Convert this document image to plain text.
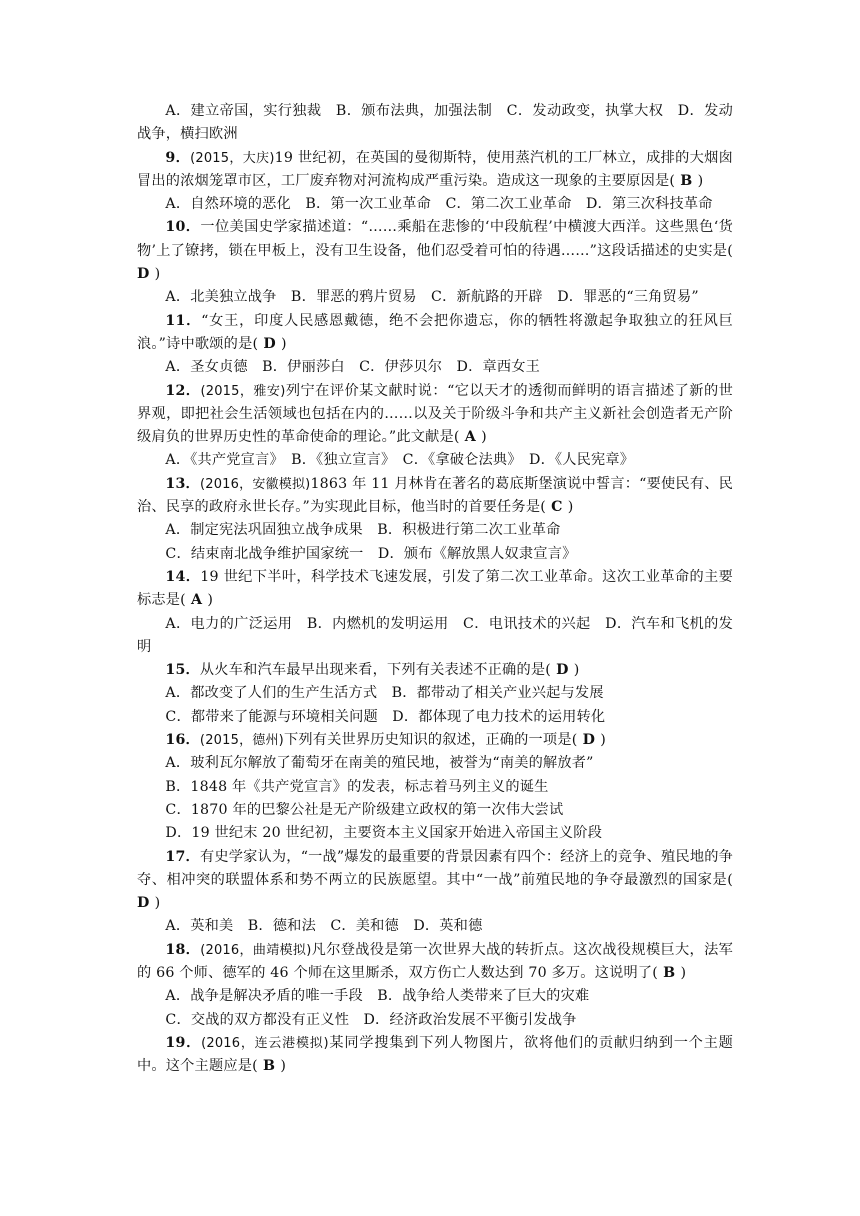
A．建立帝国，实行独裁　B．颁布法典，加强法制　C．发动政变，执掌大权　D．发动战争，横扫欧洲

9．(2015，大庆)19 世纪初，在英国的曼彻斯特，使用蒸汽机的工厂林立，成排的大烟囱冒出的浓烟笼罩市区，工厂废弃物对河流构成严重污染。造成这一现象的主要原因是( B )

A．自然环境的恶化　B．第一次工业革命　C．第二次工业革命　D．第三次科技革命

10．一位美国史学家描述道：“……乘船在悲惨的‘中段航程’中横渡大西洋。这些黑色‘货物’上了镣拷，锁在甲板上，没有卫生设备，他们忍受着可怕的待遇……”这段话描述的史实是( D )

A．北美独立战争　B．罪恶的鸦片贸易　C．新航路的开辟　D．罪恶的“三角贸易”

11．“女王，印度人民感恩戴德，绝不会把你遗忘，你的牺牲将激起争取独立的狂风巨浪。”诗中歌颂的是( D )

A．圣女贞德　B．伊丽莎白　C．伊莎贝尔　D．章西女王

12．(2015，雅安)列宁在评价某文献时说：“它以天才的透彻而鲜明的语言描述了新的世界观，即把社会生活领域也包括在内的……以及关于阶级斗争和共产主义新社会创造者无产阶级肩负的世界历史性的革命使命的理论。”此文献是( A )

A．《共产党宣言》　B．《独立宣言》　C．《拿破仑法典》　D．《人民宪章》

13．(2016，安徽模拟)1863 年 11 月林肯在著名的葛底斯堡演说中誓言：“要使民有、民治、民享的政府永世长存。”为实现此目标，他当时的首要任务是( C )

A．制定宪法巩固独立战争成果　B．积极进行第二次工业革命

C．结束南北战争维护国家统一　D．颁布《解放黑人奴隶宣言》

14．19 世纪下半叶，科学技术飞速发展，引发了第二次工业革命。这次工业革命的主要标志是( A )

A．电力的广泛运用　B．内燃机的发明运用　C．电讯技术的兴起　D．汽车和飞机的发明

15．从火车和汽车最早出现来看，下列有关表述不正确的是( D )

A．都改变了人们的生产生活方式　B．都带动了相关产业兴起与发展

C．都带来了能源与环境相关问题　D．都体现了电力技术的运用转化

16．(2015，德州)下列有关世界历史知识的叙述，正确的一项是( D )

A．玻利瓦尔解放了葡萄牙在南美的殖民地，被誉为“南美的解放者”

B．1848 年《共产党宣言》的发表，标志着马列主义的诞生

C．1870 年的巴黎公社是无产阶级建立政权的第一次伟大尝试

D．19 世纪末 20 世纪初，主要资本主义国家开始进入帝国主义阶段

17．有史学家认为，“一战”爆发的最重要的背景因素有四个：经济上的竞争、殖民地的争夺、相冲突的联盟体系和势不两立的民族愿望。其中“一战”前殖民地的争夺最激烈的国家是( D )

A．英和美　B．德和法　C．美和德　D．英和德

18．(2016，曲靖模拟)凡尔登战役是第一次世界大战的转折点。这次战役规模巨大，法军的 66 个师、德军的 46 个师在这里厮杀，双方伤亡人数达到 70 多万。这说明了( B )

A．战争是解决矛盾的唯一手段　B．战争给人类带来了巨大的灾难

C．交战的双方都没有正义性　D．经济政治发展不平衡引发战争

19．(2016，连云港模拟)某同学搜集到下列人物图片，欲将他们的贡献归纳到一个主题中。这个主题应是( B )
